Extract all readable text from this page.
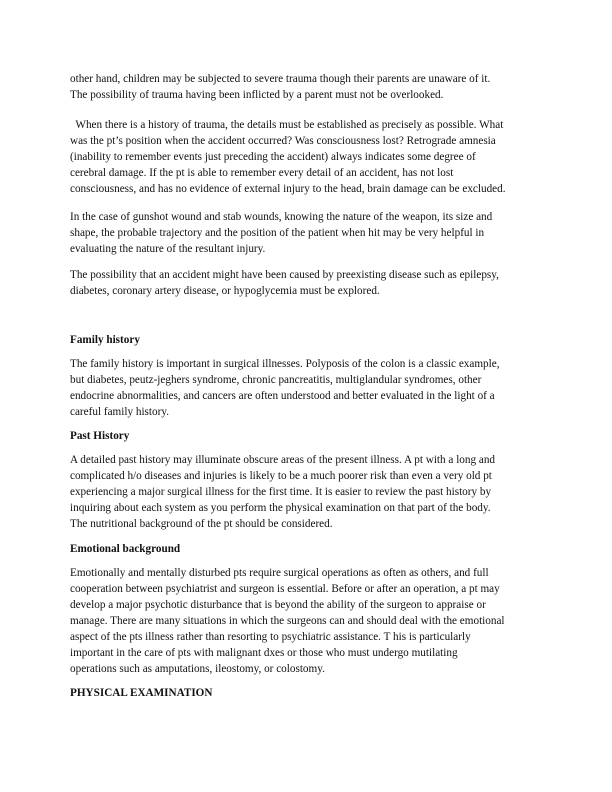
other hand, children may be subjected to severe trauma though their parents are unaware of it.
The possibility of trauma having been inflicted by a parent must not be overlooked.
When there is a history of trauma, the details must be established as precisely as possible. What
was the pt’s position when the accident occurred? Was consciousness lost? Retrograde amnesia
(inability to remember events just preceding the accident) always indicates some degree of
cerebral damage. If the pt is able to remember every detail of an accident, has not lost
consciousness, and has no evidence of external injury to the head, brain damage can be excluded.
In the case of gunshot wound and stab wounds, knowing the nature of the weapon, its size and
shape, the probable trajectory and the position of the patient when hit may be very helpful in
evaluating the nature of the resultant injury.
The possibility that an accident might have been caused by preexisting disease such as epilepsy,
diabetes, coronary artery disease, or hypoglycemia must be explored.
Family history
The family history is important in surgical illnesses. Polyposis of the colon is a classic example,
but diabetes, peutz-jeghers syndrome, chronic pancreatitis, multiglandular syndromes, other
endocrine abnormalities, and cancers are often understood and better evaluated in the light of a
careful family history.
Past History
A detailed past history may illuminate obscure areas of the present illness. A pt with a long and
complicated h/o diseases and injuries is likely to be a much poorer risk than even a very old pt
experiencing a major surgical illness for the first time. It is easier to review the past history by
inquiring about each system as you perform the physical examination on that part of the body.
The nutritional background of the pt should be considered.
Emotional background
Emotionally and mentally disturbed pts require surgical operations as often as others, and full
cooperation between psychiatrist and surgeon is essential. Before or after an operation, a pt may
develop a major psychotic disturbance that is beyond the ability of the surgeon to appraise or
manage. There are many situations in which the surgeons can and should deal with the emotional
aspect of the pts illness rather than resorting to psychiatric assistance. T his is particularly
important in the care of pts with malignant dxes or those who must undergo mutilating
operations such as amputations, ileostomy, or colostomy.
PHYSICAL EXAMINATION
